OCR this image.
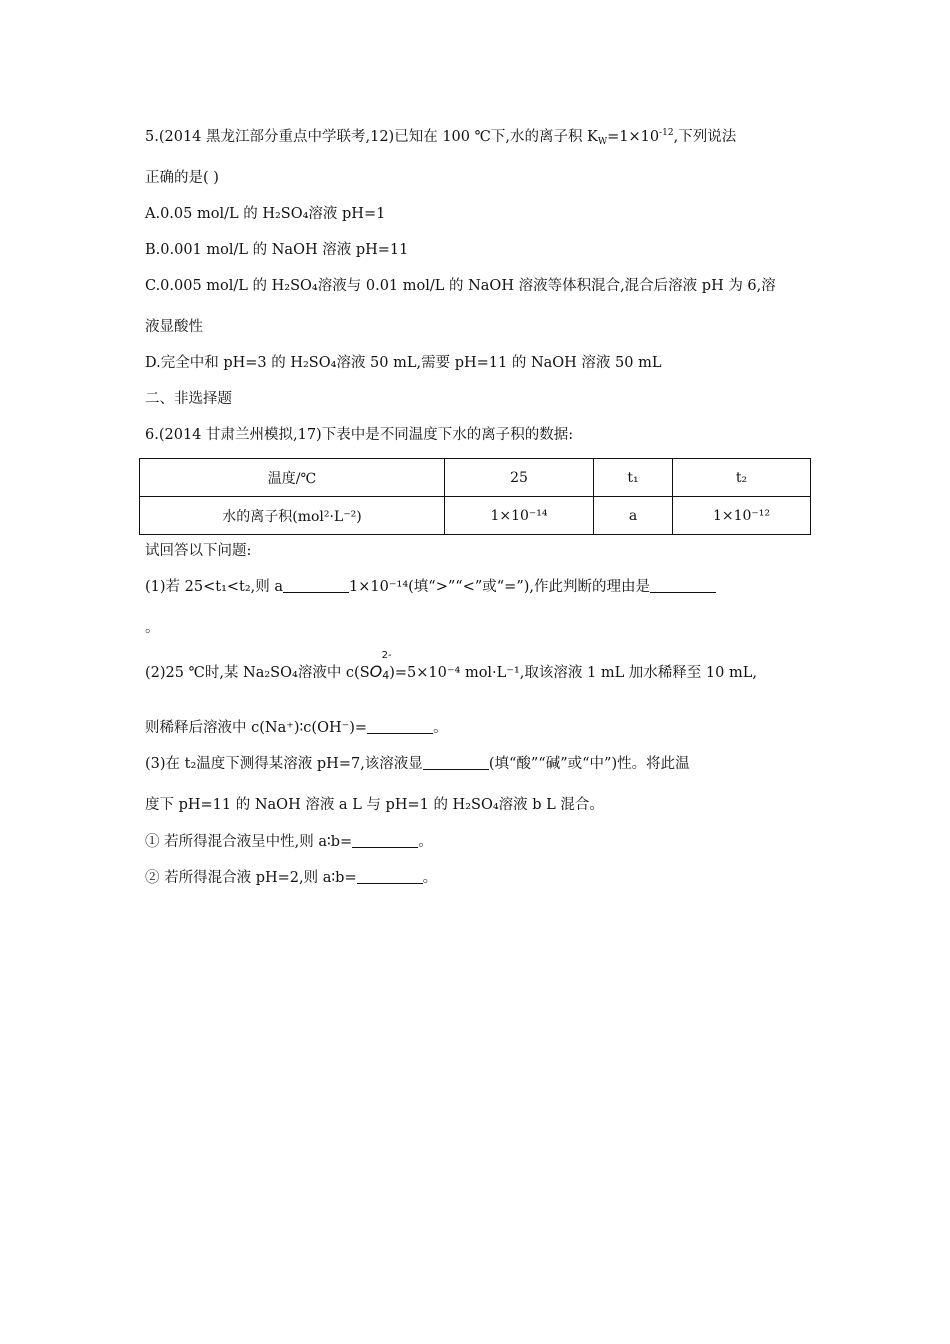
5.(2014 黑龙江部分重点中学联考,12)已知在 100 ℃下,水的离子积 $K_W=1\times 10^{-12}$,下列说法
正确的是( )
A.0.05 mol/L 的 H₂SO₄溶液 pH=1
B.0.001 mol/L 的 NaOH 溶液 pH=11
C.0.005 mol/L 的 H₂SO₄溶液与 0.01 mol/L 的 NaOH 溶液等体积混合,混合后溶液 pH 为 6,溶
液显酸性
D.完全中和 pH=3 的 H₂SO₄溶液 50 mL,需要 pH=11 的 NaOH 溶液 50 mL
二、非选择题
6.(2014 甘肃兰州模拟,17)下表中是不同温度下水的离子积的数据:
温度/℃	25	t₁	t₂
水的离子积(mol²·L⁻²)	1×10⁻¹⁴	a	1×10⁻¹²
试回答以下问题:
(1)若 25<t₁<t₂,则 a	1×10⁻¹⁴(填“>”“<”或“=”),作此判断的理由是
。
(2)25 ℃时,某 Na₂SO₄溶液中 c(SO
2-
4)=5×10⁻⁴ mol·L⁻¹,取该溶液 1 mL 加水稀释至 10 mL,
则稀释后溶液中 c(Na⁺)∶c(OH⁻)=	。
(3)在 t₂温度下测得某溶液 pH=7,该溶液显	(填“酸”“碱”或“中”)性。将此温
度下 pH=11 的 NaOH 溶液 a L 与 pH=1 的 H₂SO₄溶液 b L 混合。
① 若所得混合液呈中性,则 a∶b=	。
② 若所得混合液 pH=2,则 a∶b=	。
